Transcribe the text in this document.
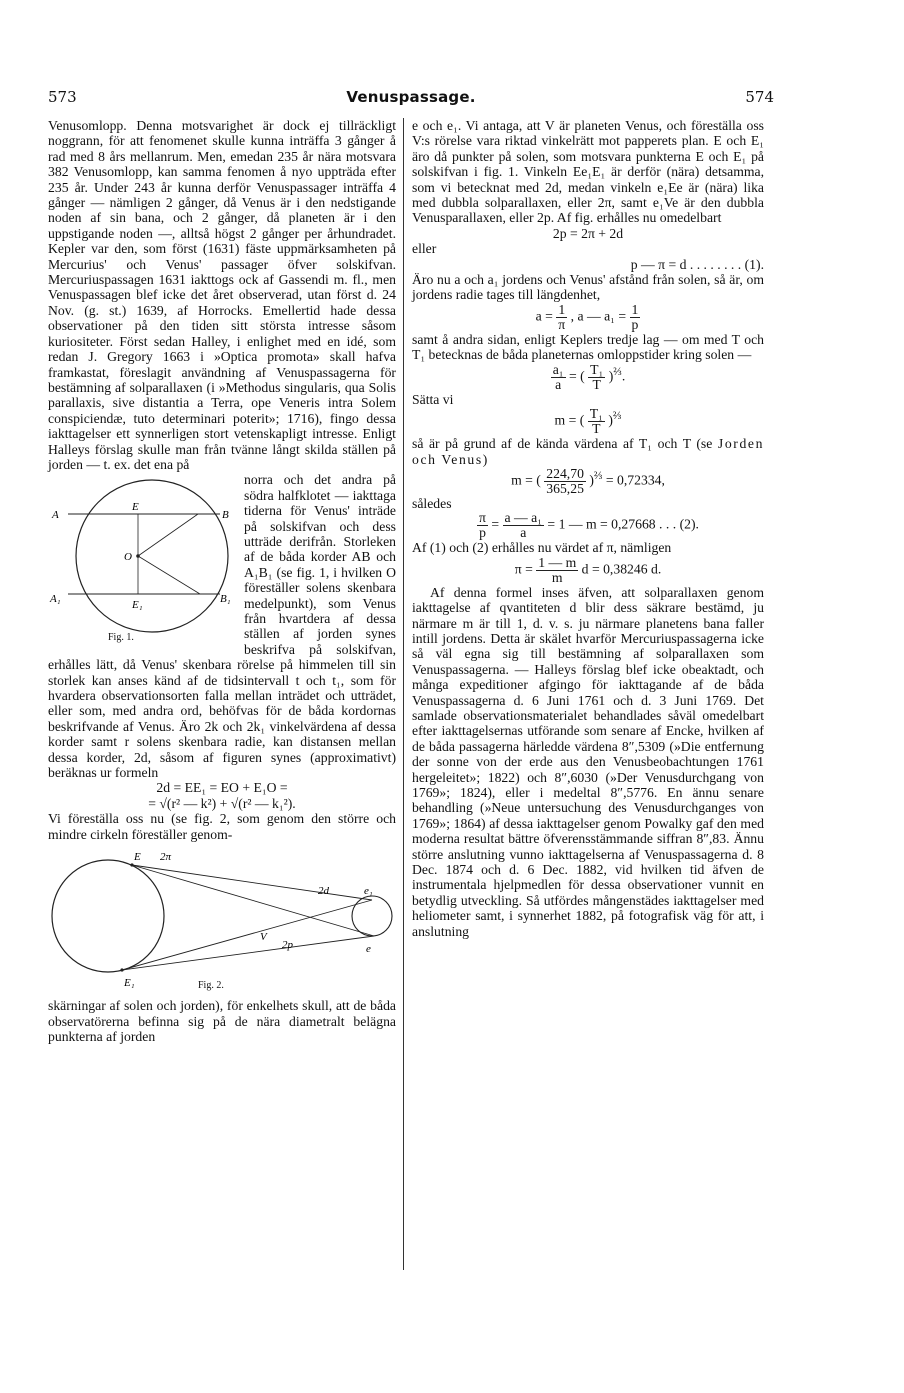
573	Venuspassage.	574

Venusomlopp. Denna motsvarighet är dock ej tillräckligt noggrann, för att fenomenet skulle kunna inträffa 3 gånger å rad med 8 års mellanrum. Men, emedan 235 år nära motsvara 382 Venusomlopp, kan samma fenomen å nyo uppträda efter 235 år. Under 243 år kunna derför Venuspassager inträffa 4 gånger — nämligen 2 gånger, då Venus är i den nedstigande noden af sin bana, och 2 gånger, då planeten är i den uppstigande noden —, alltså högst 2 gånger per århundradet. Kepler var den, som först (1631) fäste uppmärksamheten på Mercurius' och Venus' passager öfver solskifvan. Mercuriuspassagen 1631 iakttogs ock af Gassendi m. fl., men Venuspassagen blef icke det året observerad, utan först d. 24 Nov. (g. st.) 1639, af Horrocks. Emellertid hade dessa observationer på den tiden sitt största intresse såsom kuriositeter. Först sedan Halley, i enlighet med en idé, som redan J. Gregory 1663 i »Optica promota» skall hafva framkastat, föreslagit användning af Venuspassagerna för bestämning af solparallaxen (i »Methodus singularis, qua Solis parallaxis, sive distantia a Terra, ope Veneris intra Solem conspiciendæ, tuto determinari poterit»; 1716), fingo dessa iakttagelser ett synnerligen stort vetenskapligt intresse. Enligt Halleys förslag skulle man från tvänne långt skilda ställen på jorden — t. ex. det ena på

A
E
B
O
A₁	E₁	B₁
Fig. 1.

norra och det andra på södra halfklotet — iakttaga tiderna för Venus' inträde på solskifvan och dess utträde derifrån. Storleken af de båda korder AB och A₁B₁ (se fig. 1, i hvilken O föreställer solens skenbara medelpunkt), som Venus från hvartdera af dessa ställen af jorden synes beskrifva på solskifvan, erhålles lätt, då Venus' skenbara rörelse på himmelen till sin storlek kan anses känd af de tidsintervall t och t₁, som för hvardera observationsorten falla mellan inträdet och utträdet, eller som, med andra ord, behöfvas för de båda kordornas beskrifvande af Venus. Äro 2k och 2k₁ vinkelvärdena af dessa korder samt r solens skenbara radie, kan distansen mellan dessa korder, 2d, såsom af figuren synes (approximativt) beräknas ur formeln

2d = EE₁ = EO + E₁O =

= √(r² — k²) + √(r² — k₁²).

Vi föreställa oss nu (se fig. 2, som genom den större och mindre cirkeln föreställer genom-

E 2π
2d	e₁
V
2p	e
E₁	Fig. 2.

skärningar af solen och jorden), för enkelhets skull, att de båda observatörerna befinna sig på de nära diametralt belägna punkterna af jorden

e och e₁. Vi antaga, att V är planeten Venus, och föreställa oss V:s rörelse vara riktad vinkelrätt mot papperets plan. E och E₁ äro då punkter på solen, som motsvara punkterna E och E₁ på solskifvan i fig. 1. Vinkeln Ee₁E₁ är derför (nära) detsamma, som vi betecknat med 2d, medan vinkeln e₁Ee är (nära) lika med dubbla solparallaxen, eller 2π, samt e₁Ve är den dubbla Venusparallaxen, eller 2p. Af fig. erhålles nu omedelbart

2p = 2π + 2d

eller

p — π = d . . . . . . . . (1).

Äro nu a och a₁ jordens och Venus' afstånd från solen, så är, om jordens radie tages till längdenhet,

$a = \frac{1}{\pi}$ , a — $a_1 = \frac{1}{p}$

samt å andra sidan, enligt Keplers tredje lag — om med T och T₁ betecknas de båda planeternas omloppstider kring solen —

$\frac{\text{a₁}}{a}$ = ( $\frac{\text{T₁}}{T} )^{\frac{2}{3}}$.

Sätta vi

m = ( $\frac{\text{T₁}}{T} )^{\frac{2}{3}}$

så är på grund af de kända värdena af T₁ och T (se Jorden och Venus)

m = ( $\frac{224,70}{365,25} )^{\frac{2}{3}} = 0,72334$,

således

$\frac{\pi}{p} = \frac{\text{a — a₁}}{a} = 1$ — m = 0,27668 . . . (2).

Af (1) och (2) erhålles nu värdet af π, nämligen

$\pi = \frac{1 — m}{m}$ d = 0,38246 d.

Af denna formel inses äfven, att solparallaxen genom iakttagelse af qvantiteten d blir dess säkrare bestämd, ju närmare m är till 1, d. v. s. ju närmare planetens bana faller intill jordens. Detta är skälet hvarför Mercuriuspassagerna icke så väl egna sig till bestämning af solparallaxen som Venuspassagerna. — Halleys förslag blef icke obeaktadt, och många expeditioner afgingo för iakttagande af de båda Venuspassagerna d. 6 Juni 1761 och d. 3 Juni 1769. Det samlade observationsmaterialet behandlades såväl omedelbart efter iakttagelsernas utförande som senare af Encke, hvilken af de båda passagerna härledde värdena 8″,5309 (»Die entfernung der sonne von der erde aus den Venusbeobachtungen 1761 hergeleitet»; 1822) och 8″,6030 (»Der Venusdurchgang von 1769»; 1824), eller i medeltal 8″,5776. En ännu senare behandling (»Neue untersuchung des Venusdurchganges von 1769»; 1864) af dessa iakttagelser genom Powalky gaf den med moderna resultat bättre öfverensstämmande siffran 8″,83. Ännu större anslutning vunno iakttagelserna af Venuspassagerna d. 8 Dec. 1874 och d. 6 Dec. 1882, vid hvilken tid äfven de instrumentala hjelpmedlen för dessa observationer vunnit en betydlig utveckling. Så utfördes mångenstädes iakttagelser med heliometer samt, i synnerhet 1882, på fotografisk väg för att, i anslutning
